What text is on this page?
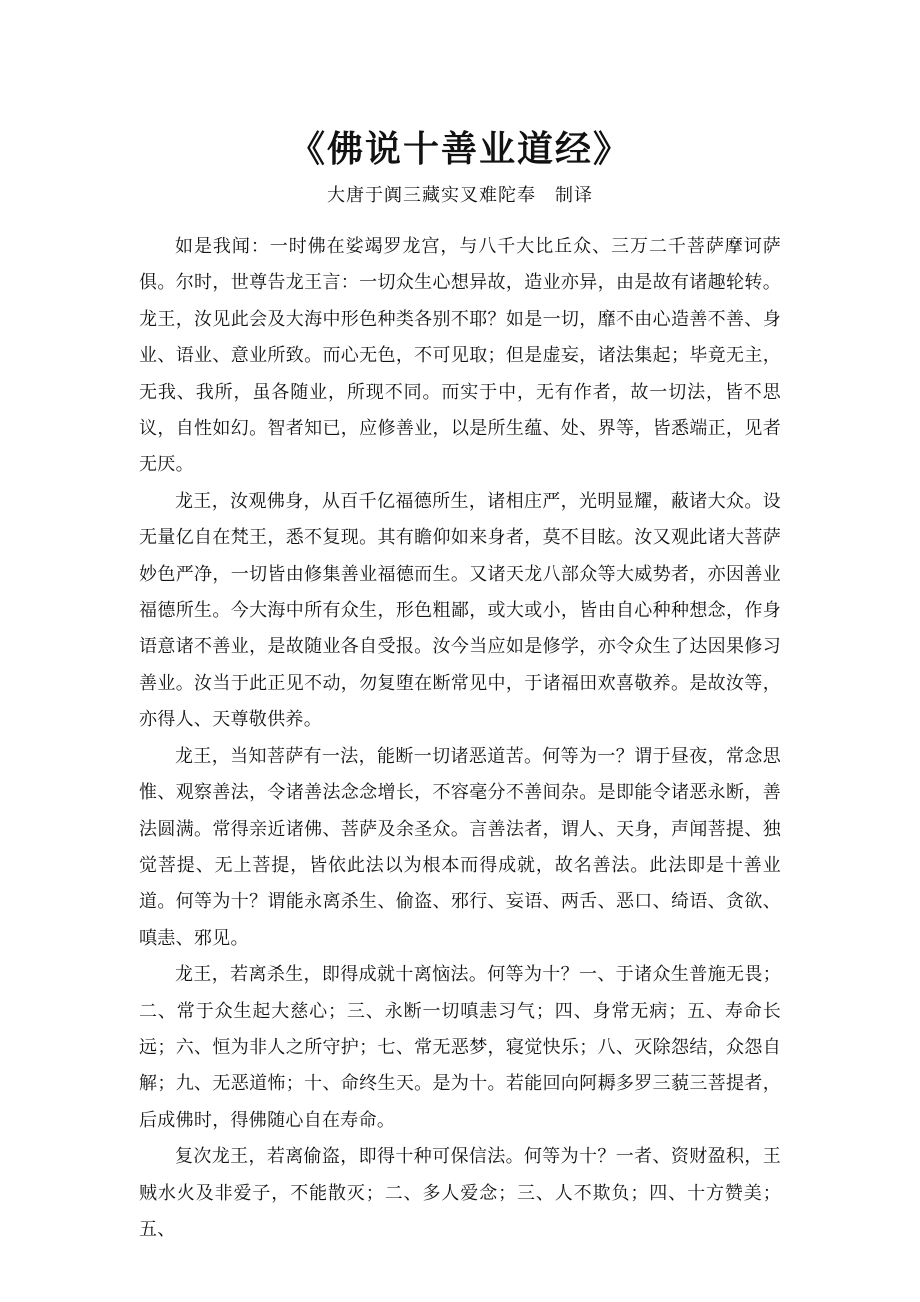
《佛说十善业道经》
大唐于阗三藏实叉难陀奉　制译

如是我闻：一时佛在娑竭罗龙宫，与八千大比丘众、三万二千菩萨摩诃萨俱。尔时，世尊告龙王言：一切众生心想异故，造业亦异，由是故有诸趣轮转。龙王，汝见此会及大海中形色种类各别不耶？如是一切，靡不由心造善不善、身业、语业、意业所致。而心无色，不可见取；但是虚妄，诸法集起；毕竟无主，无我、我所，虽各随业，所现不同。而实于中，无有作者，故一切法，皆不思议，自性如幻。智者知已，应修善业，以是所生蕴、处、界等，皆悉端正，见者无厌。

龙王，汝观佛身，从百千亿福德所生，诸相庄严，光明显耀，蔽诸大众。设无量亿自在梵王，悉不复现。其有瞻仰如来身者，莫不目眩。汝又观此诸大菩萨妙色严净，一切皆由修集善业福德而生。又诸天龙八部众等大威势者，亦因善业福德所生。今大海中所有众生，形色粗鄙，或大或小，皆由自心种种想念，作身语意诸不善业，是故随业各自受报。汝今当应如是修学，亦令众生了达因果修习善业。汝当于此正见不动，勿复堕在断常见中，于诸福田欢喜敬养。是故汝等，亦得人、天尊敬供养。

龙王，当知菩萨有一法，能断一切诸恶道苦。何等为一？谓于昼夜，常念思惟、观察善法，令诸善法念念增长，不容毫分不善间杂。是即能令诸恶永断，善法圆满。常得亲近诸佛、菩萨及余圣众。言善法者，谓人、天身，声闻菩提、独觉菩提、无上菩提，皆依此法以为根本而得成就，故名善法。此法即是十善业道。何等为十？谓能永离杀生、偷盗、邪行、妄语、两舌、恶口、绮语、贪欲、嗔恚、邪见。

龙王，若离杀生，即得成就十离恼法。何等为十？一、于诸众生普施无畏；二、常于众生起大慈心；三、永断一切嗔恚习气；四、身常无病；五、寿命长远；六、恒为非人之所守护；七、常无恶梦，寝觉快乐；八、灭除怨结，众怨自解；九、无恶道怖；十、命终生天。是为十。若能回向阿耨多罗三藐三菩提者，后成佛时，得佛随心自在寿命。

复次龙王，若离偷盗，即得十种可保信法。何等为十？一者、资财盈积，王贼水火及非爱子，不能散灭；二、多人爱念；三、人不欺负；四、十方赞美；五、
